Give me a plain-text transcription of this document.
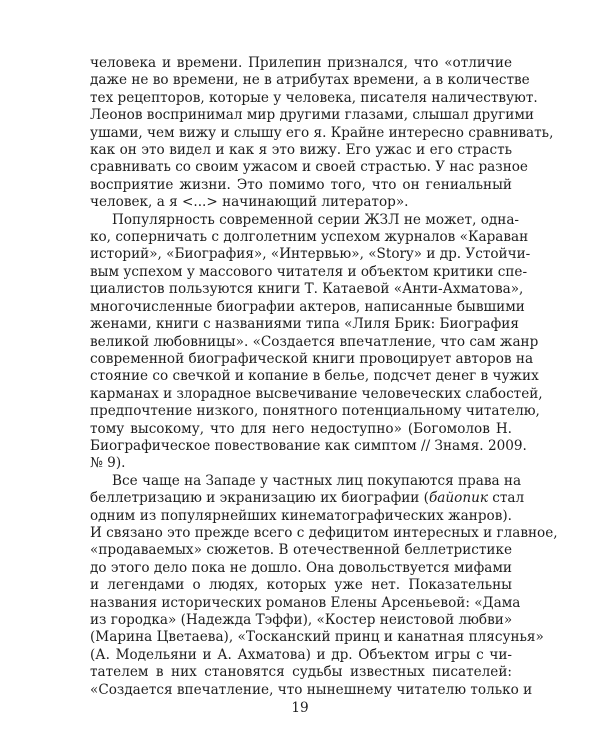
человека и времени. Прилепин признался, что «отличие
даже не во времени, не в атрибутах времени, а в количестве
тех рецепторов, которые у человека, писателя наличествуют.
Леонов воспринимал мир другими глазами, слышал другими
ушами, чем вижу и слышу его я. Крайне интересно сравнивать,
как он это видел и как я это вижу. Его ужас и его страсть
сравнивать со своим ужасом и своей страстью. У нас разное
восприятие жизни. Это помимо того, что он гениальный
человек, а я <...> начинающий литератор».
Популярность современной серии ЖЗЛ не может, одна-
ко, соперничать с долголетним успехом журналов «Караван
историй», «Биография», «Интервью», «Story» и др. Устойчи-
вым успехом у массового читателя и объектом критики спе-
циалистов пользуются книги Т. Катаевой «Анти-Ахматова»,
многочисленные биографии актеров, написанные бывшими
женами, книги с названиями типа «Лиля Брик: Биография
великой любовницы». «Создается впечатление, что сам жанр
современной биографической книги провоцирует авторов на
стояние со свечкой и копание в белье, подсчет денег в чужих
карманах и злорадное высвечивание человеческих слабостей,
предпочтение низкого, понятного потенциальному читателю,
тому высокому, что для него недоступно» (Богомолов Н.
Биографическое повествование как симптом // Знамя. 2009.
№ 9).
Все чаще на Западе у частных лиц покупаются права на
беллетризацию и экранизацию их биографии (байопик стал
одним из популярнейших кинематографических жанров).
И связано это прежде всего с дефицитом интересных и главное,
«продаваемых» сюжетов. В отечественной беллетристике
до этого дело пока не дошло. Она довольствуется мифами
и легендами о людях, которых уже нет. Показательны
названия исторических романов Елены Арсеньевой: «Дама
из городка» (Надежда Тэффи), «Костер неистовой любви»
(Марина Цветаева), «Тосканский принц и канатная плясунья»
(А. Модельяни и А. Ахматова) и др. Объектом игры с чи-
тателем в них становятся судьбы известных писателей:
«Создается впечатление, что нынешнему читателю только и
19
